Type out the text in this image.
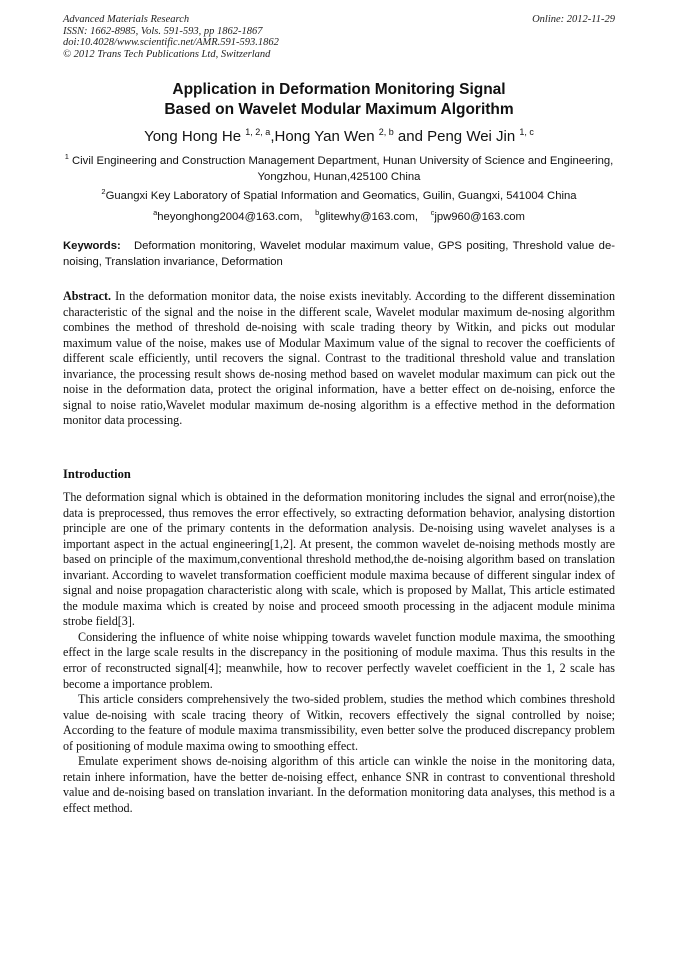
Advanced Materials Research
ISSN: 1662-8985, Vols. 591-593, pp 1862-1867
doi:10.4028/www.scientific.net/AMR.591-593.1862
© 2012 Trans Tech Publications Ltd, Switzerland
Online: 2012-11-29
Application in Deformation Monitoring Signal
Based on Wavelet Modular Maximum Algorithm
Yong Hong He $^{1, 2, a}$,Hong Yan Wen $^{2, b}$ and Peng Wei Jin $^{1, c}$
$^1$ Civil Engineering and Construction Management Department, Hunan University of Science and Engineering, Yongzhou, Hunan,425100 China
$^2$Guangxi Key Laboratory of Spatial Information and Geomatics, Guilin, Guangxi, 541004 China
$^a$heyonghong2004@163.com, $^b$glitewhy@163.com, $^c$jpw960@163.com
Keywords: Deformation monitoring, Wavelet modular maximum value, GPS positing, Threshold value de-noising, Translation invariance, Deformation
Abstract. In the deformation monitor data, the noise exists inevitably. According to the different dissemination characteristic of the signal and the noise in the different scale, Wavelet modular maximum de-nosing algorithm combines the method of threshold de-noising with scale trading theory by Witkin, and picks out modular maximum value of the noise, makes use of Modular Maximum value of the signal to recover the coefficients of different scale efficiently, until recovers the signal. Contrast to the traditional threshold value and translation invariance, the processing result shows de-nosing method based on wavelet modular maximum can pick out the noise in the deformation data, protect the original information, have a better effect on de-noising, enforce the signal to noise ratio,Wavelet modular maximum de-nosing algorithm is a effective method in the deformation monitor data processing.
Introduction

The deformation signal which is obtained in the deformation monitoring includes the signal and error(noise),the data is preprocessed, thus removes the error effectively, so extracting deformation behavior, analysing distortion principle are one of the primary contents in the deformation analysis. De-noising using wavelet analyses is a important aspect in the actual engineering[1,2]. At present, the common wavelet de-noising methods mostly are based on principle of the maximum,conventional threshold method,the de-noising algorithm based on translation invariant. According to wavelet transformation coefficient module maxima because of different singular index of signal and noise propagation characteristic along with scale, which is proposed by Mallat, This article estimated the module maxima which is created by noise and proceed smooth processing in the adjacent module minima strobe field[3].

Considering the influence of white noise whipping towards wavelet function module maxima, the smoothing effect in the large scale results in the discrepancy in the positioning of module maxima. Thus this results in the error of reconstructed signal[4]; meanwhile, how to recover perfectly wavelet coefficient in the 1, 2 scale has become a importance problem.

This article considers comprehensively the two-sided problem, studies the method which combines threshold value de-noising with scale tracing theory of Witkin, recovers effectively the signal controlled by noise; According to the feature of module maxima transmissibility, even better solve the produced discrepancy problem of positioning of module maxima owing to smoothing effect.

Emulate experiment shows de-noising algorithm of this article can winkle the noise in the monitoring data, retain inhere information, have the better de-noising effect, enhance SNR in contrast to conventional threshold value and de-noising based on translation invariant. In the deformation monitoring data analyses, this method is a effect method.
